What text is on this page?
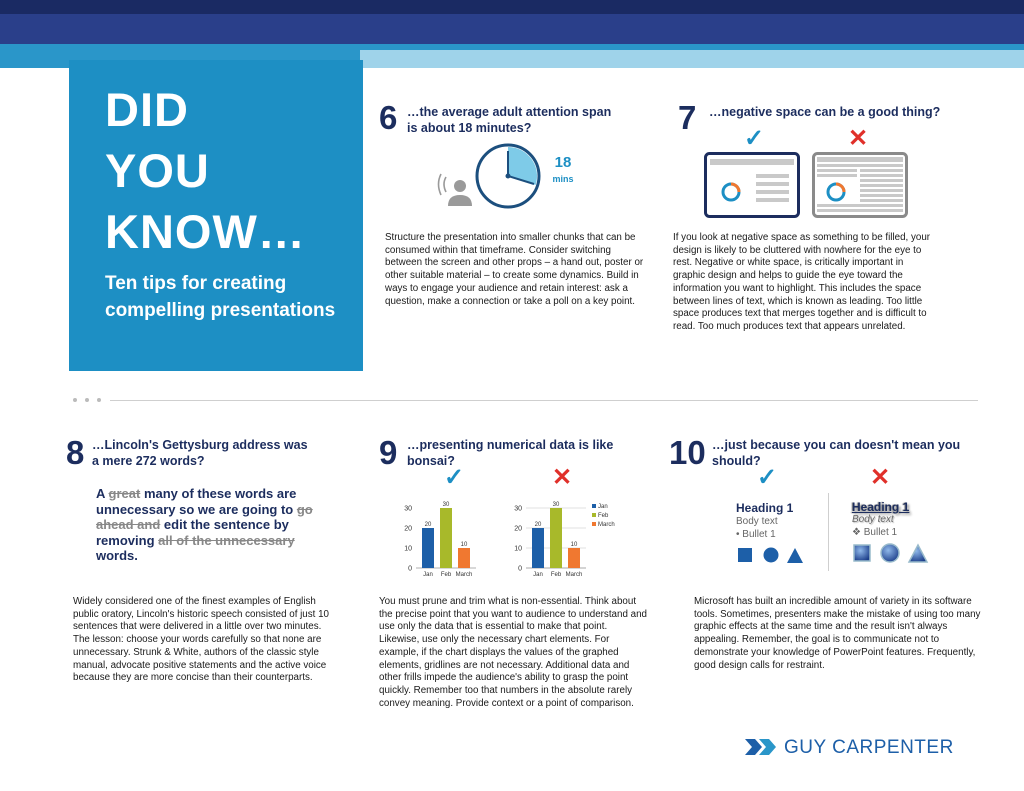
DID
YOU
KNOW…
Ten tips for creating compelling presentations
6 …the average adult attention span is about 18 minutes?
18
mins
Structure the presentation into smaller chunks that can be consumed within that timeframe. Consider switching between the screen and other props – a hand out, poster or other suitable material – to create some dynamics. Build in ways to engage your audience and retain interest: ask a question, make a connection or take a poll on a key point.
7 …negative space can be a good thing?
✓	✕
If you look at negative space as something to be filled, your design is likely to be cluttered with nowhere for the eye to rest. Negative or white space, is critically important in graphic design and helps to guide the eye toward the information you want to highlight. This includes the space between lines of text, which is known as leading. Too little space produces text that merges together and is difficult to read. Too much produces text that appears unrelated.
8 …Lincoln's Gettysburg address was a mere 272 words?
A great many of these words are unnecessary so we are going to go ahead and edit the sentence by removing all of the unnecessary words.
Widely considered one of the finest examples of English public oratory, Lincoln's historic speech consisted of just 10 sentences that were delivered in a little over two minutes. The lesson: choose your words carefully so that none are unnecessary. Strunk & White, authors of the classic style manual, advocate positive statements and the active voice because they are more concise than their counterparts.
9 …presenting numerical data is like bonsai?
✓	✕
0
10
20
30
20
Jan
30
Feb
10
March
0
10
20
30
20
Jan
30
Feb
10
March
Jan
Feb
March
You must prune and trim what is non-essential. Think about the precise point that you want to audience to understand and use only the data that is essential to make that point. Likewise, use only the necessary chart elements. For example, if the chart displays the values of the graphed elements, gridlines are not necessary. Additional data and other frills impede the audience's ability to grasp the point quickly. Remember too that numbers in the absolute rarely convey meaning. Provide context or a point of comparison.
10 …just because you can doesn't mean you should?
✓	✕
Heading 1
Body text
• Bullet 1
Heading 1
Body text
❖ Bullet 1
Microsoft has built an incredible amount of variety in its software tools. Sometimes, presenters make the mistake of using too many graphic effects at the same time and the result isn't always appealing. Remember, the goal is to communicate not to demonstrate your knowledge of PowerPoint features. Frequently, good design calls for restraint.
GUY CARPENTER
